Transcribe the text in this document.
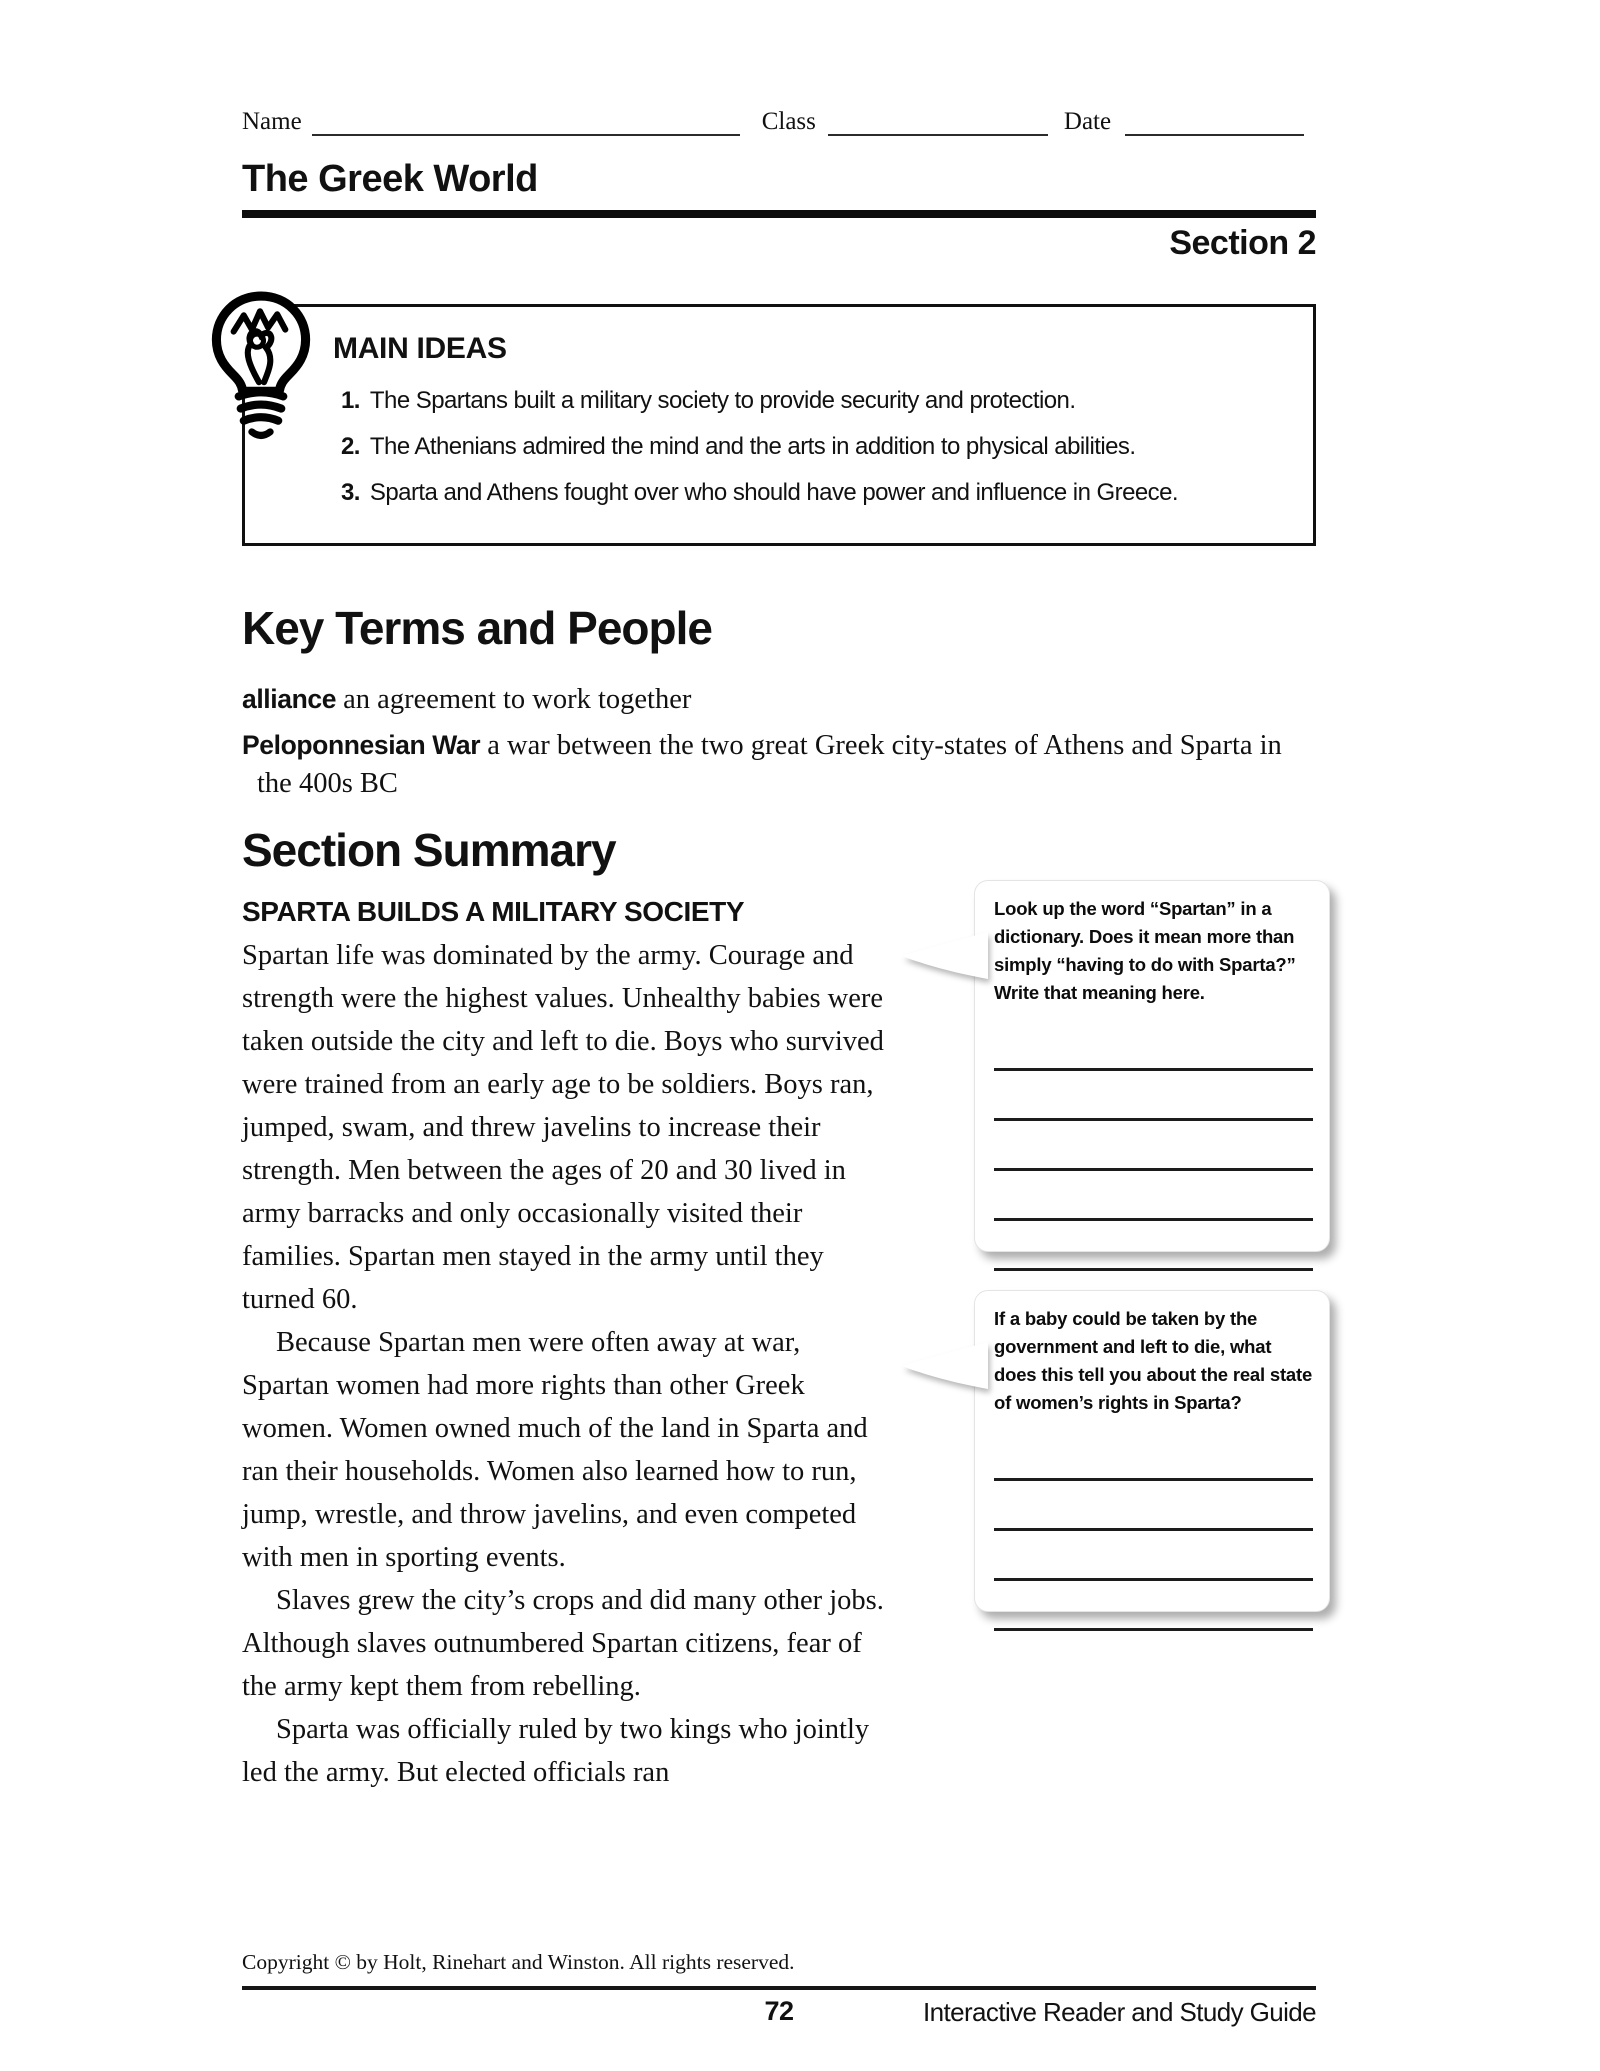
Name	Class	Date
The Greek World
Section 2
MAIN IDEAS
1. The Spartans built a military society to provide security and protection.
2. The Athenians admired the mind and the arts in addition to physical abilities.
3. Sparta and Athens fought over who should have power and influence in Greece.
Key Terms and People
alliance an agreement to work together
Peloponnesian War a war between the two great Greek city-states of Athens and Sparta in the 400s BC
Section Summary
SPARTA BUILDS A MILITARY SOCIETY

Spartan life was dominated by the army. Courage and strength were the highest values. Unhealthy babies were taken outside the city and left to die. Boys who survived were trained from an early age to be soldiers. Boys ran, jumped, swam, and threw javelins to increase their strength. Men between the ages of 20 and 30 lived in army barracks and only occasionally visited their families. Spartan men stayed in the army until they turned 60.

Because Spartan men were often away at war, Spartan women had more rights than other Greek women. Women owned much of the land in Sparta and ran their households. Women also learned how to run, jump, wrestle, and throw javelins, and even competed with men in sporting events.

Slaves grew the city’s crops and did many other jobs. Although slaves outnumbered Spartan citizens, fear of the army kept them from rebelling.

Sparta was officially ruled by two kings who jointly led the army. But elected officials ran

Look up the word “Spartan” in a dictionary. Does it mean more than simply “having to do with Sparta?” Write that meaning here.
If a baby could be taken by the government and left to die, what does this tell you about the real state of women’s rights in Sparta?
Copyright © by Holt, Rinehart and Winston. All rights reserved.
72	Interactive Reader and Study Guide
